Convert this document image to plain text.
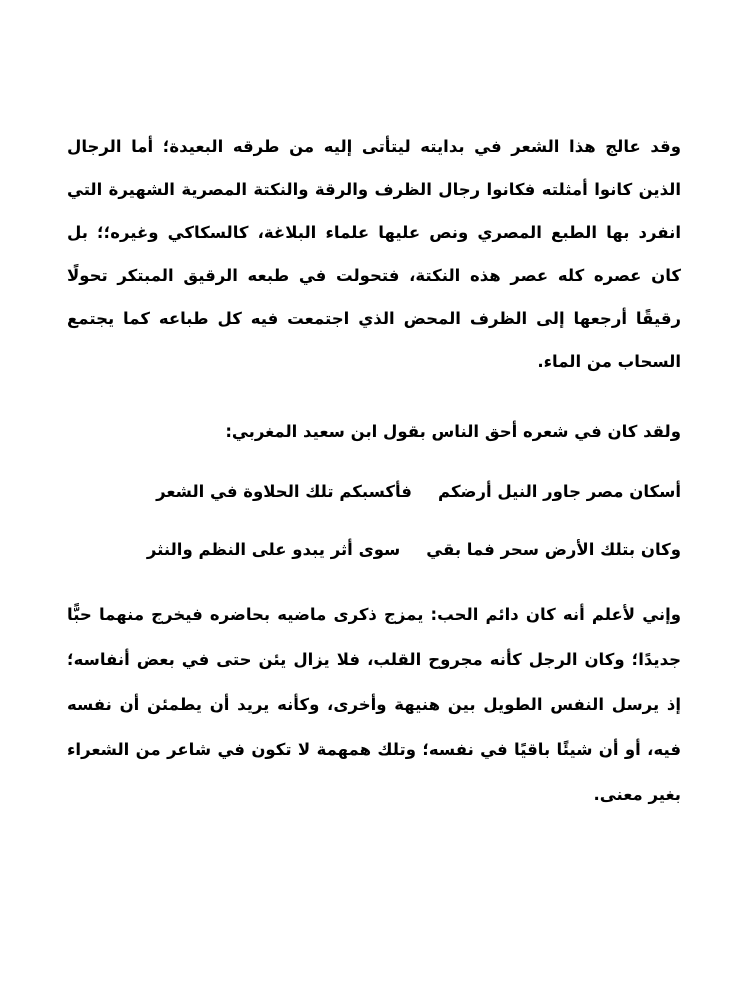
وقد عالج هذا الشعر في بدايته ليتأتى إليه من طرقه البعيدة؛ أما الرجال الذين كانوا أمثلته فكانوا رجال الظرف والرقة والنكتة المصرية الشهيرة التي انفرد بها الطبع المصري ونص عليها علماء البلاغة، كالسكاكي وغيره؛؛ بل كان عصره كله عصر هذه النكتة، فتحولت في طبعه الرقيق المبتكر تحولًا رقيقًا أرجعها إلى الظرف المحض الذي اجتمعت فيه كل طباعه كما يجتمع السحاب من الماء.

ولقد كان في شعره أحق الناس بقول ابن سعيد المغربي:

أسكان مصر جاور النيل أرضكمفأكسبكم تلك الحلاوة في الشعر

وكان بتلك الأرض سحر فما بقيسوى أثر يبدو على النظم والنثر

وإني لأعلم أنه كان دائم الحب: يمزج ذكرى ماضيه بحاضره فيخرج منهما حبًّا جديدًا؛ وكان الرجل كأنه مجروح القلب، فلا يزال يئن حتى في بعض أنفاسه؛ إذ يرسل النفس الطويل بين هنيهة وأخرى، وكأنه يريد أن يطمئن أن نفسه فيه، أو أن شيئًا باقيًا في نفسه؛ وتلك همهمة لا تكون في شاعر من الشعراء بغير معنى.
